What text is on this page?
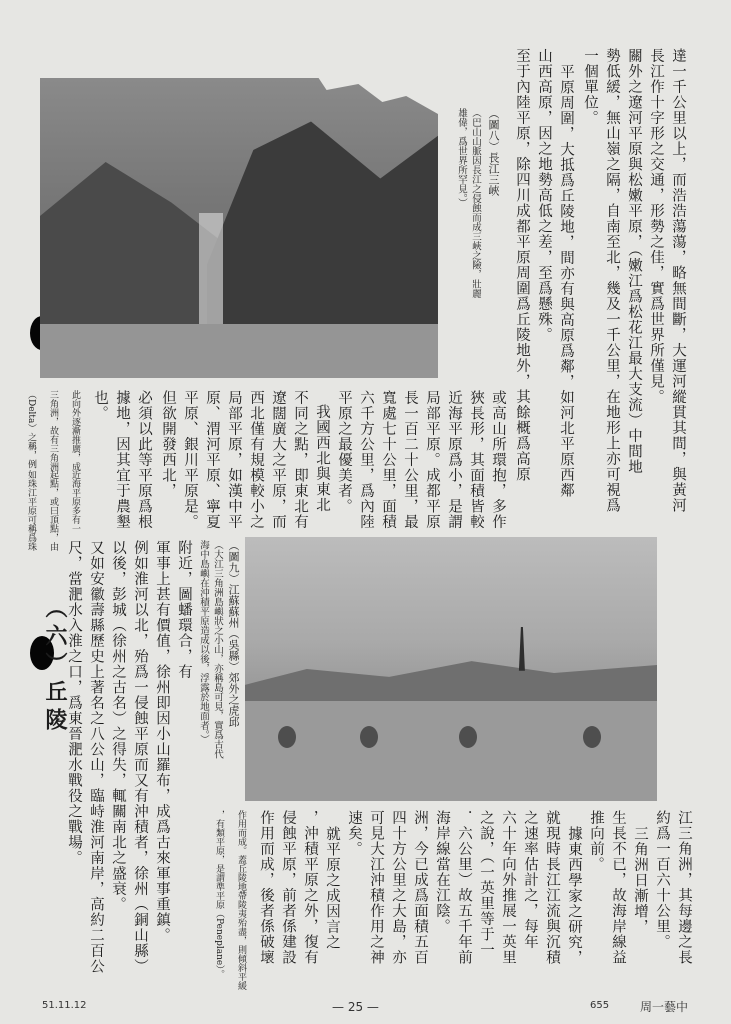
達一千公里以上，而浩浩蕩蕩，略無間斷，大運河縱貫其間，與黃河
長江作十字形之交通，形勢之佳，實爲世界所僅見。
關外之遼河平原與松嫩平原，（嫩江爲松花江最大支流）中間地
勢低緩，無山嶺之隔，自南至北，幾及一千公里，在地形上亦可視爲
一個單位。
平原周圍，大抵爲丘陵地，間亦有與高原爲鄰，如河北平原西鄰
山西高原，因之地勢高低之差，至爲懸殊。
至于內陸平原，除四川成都平原周圍爲丘陵地外，其餘概爲高原
或高山所環抱，多作
狹長形，其面積皆較
近海平原爲小，是謂
局部平原。成都平原
長一百二十公里，最
寬處七十公里，面積
六千方公里，爲內陸
平原之最優美者。
我國西北與東北
不同之點，即東北有
遼闊廣大之平原，而
西北僅有規模較小之
局部平原，如漢中平
原、渭河平原、寧夏
平原、銀川平原是。
但欲開發西北，
必須以此等平原爲根
據地，因其宜于農墾
也。
近海平原多有一
起點，或曰頂點，由
（圖八）長江三峽
（巴山山脈因長江之侵蝕而成三峽之險，壯麗
雄偉，爲世界所罕見。）
（圖九）江蘇蘇州（吳縣）郊外之虎邱
（大江三角洲島嶼狀之小山，亦稱島可見，實爲古代
海中島嶼在沖積平原造成以後，浮露於地面者。）
（六）丘陵	附近，圖蟠環合，有
軍事上甚有價值，徐州即因小山羅布，成爲古來軍事重鎮。
例如淮河以北，殆爲一侵蝕平原而又有沖積者，徐州（銅山縣）
以後，彭城（徐州之古名）之得失，輒關南北之盛衰。
又如安徽壽縣歷史上著名之八公山，臨峙淮河南岸，高約二百公
尺，當淝水入淮之口，爲東晉淝水戰役之戰場。
江三角洲，其每邊之長
約爲一百六十公里。
三角洲日漸增，
生長不已，故海岸線益
推向前。
據東西學家之研究，
就現時長江江流與沉積
之速率估計之，每年
六十年向外推展一英里
之說，（一英里等于一
．六公里）故五千年前
海岸線當在江陰。
洲，今已成爲面積五百
四十方公里之大島，亦
可見大江沖積作用之神
速矣。
就平原之成因言之
，沖積平原之外，復有
侵蝕平原，前者係建設
作用而成，後者係破壞
作用而成。蓋丘陵地帶
陵夷殆盡，則傾斜平緩
，有類平原，是謂準平
原（Peneplane）。
51.11.12	— 25 —	655	周一藝中
此向外逐漸推廣，成
三角洲，故有三角洲
（Delta）之稱，例
如珠江平原可稱爲珠
